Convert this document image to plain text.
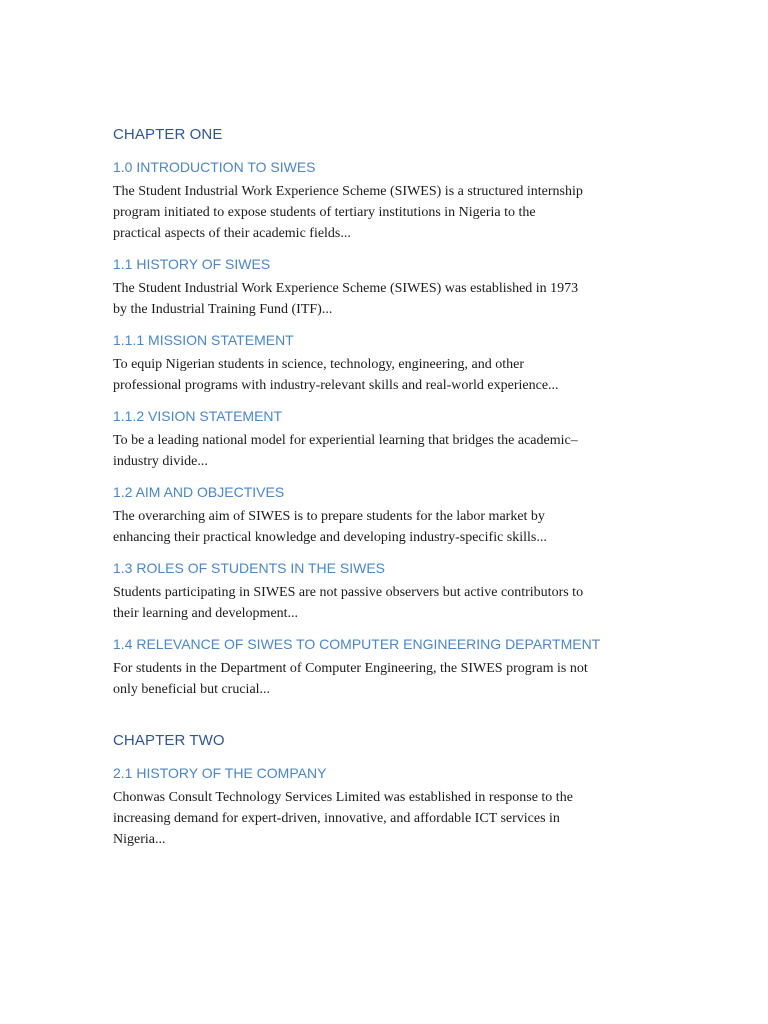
CHAPTER ONE
1.0 INTRODUCTION TO SIWES

The Student Industrial Work Experience Scheme (SIWES) is a structured internship
program initiated to expose students of tertiary institutions in Nigeria to the
practical aspects of their academic fields...

1.1 HISTORY OF SIWES

The Student Industrial Work Experience Scheme (SIWES) was established in 1973
by the Industrial Training Fund (ITF)...

1.1.1 MISSION STATEMENT

To equip Nigerian students in science, technology, engineering, and other
professional programs with industry-relevant skills and real-world experience...

1.1.2 VISION STATEMENT

To be a leading national model for experiential learning that bridges the academic–
industry divide...

1.2 AIM AND OBJECTIVES

The overarching aim of SIWES is to prepare students for the labor market by
enhancing their practical knowledge and developing industry-specific skills...

1.3 ROLES OF STUDENTS IN THE SIWES

Students participating in SIWES are not passive observers but active contributors to
their learning and development...

1.4 RELEVANCE OF SIWES TO COMPUTER ENGINEERING DEPARTMENT

For students in the Department of Computer Engineering, the SIWES program is not
only beneficial but crucial...

CHAPTER TWO
2.1 HISTORY OF THE COMPANY

Chonwas Consult Technology Services Limited was established in response to the
increasing demand for expert-driven, innovative, and affordable ICT services in
Nigeria...
